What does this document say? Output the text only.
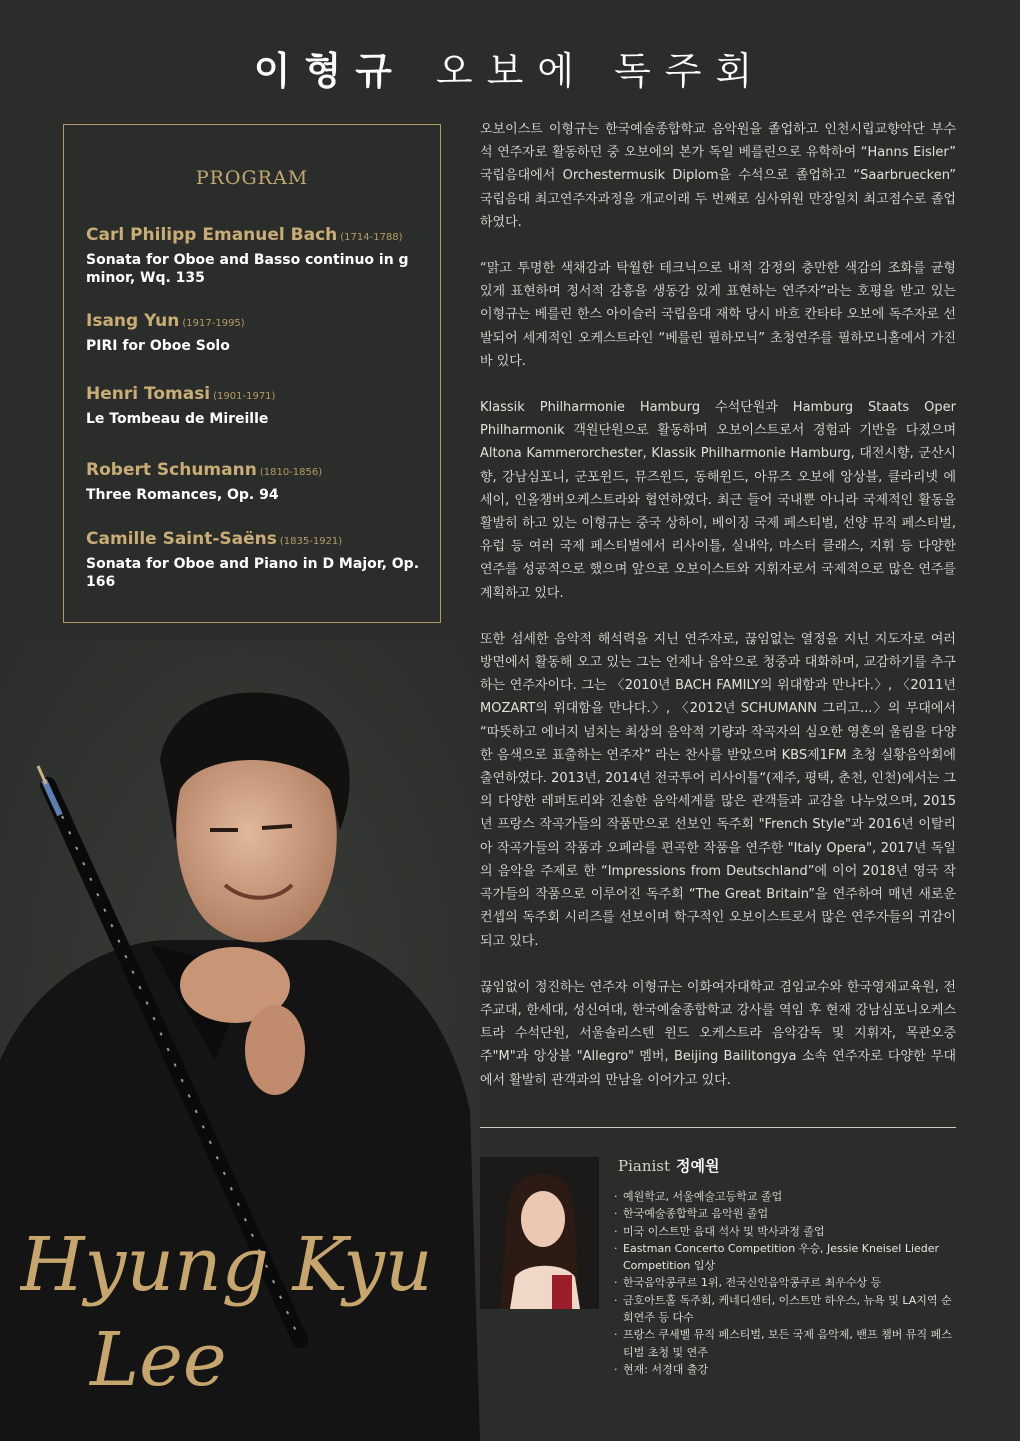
이형규 오보에 독주회
PROGRAM
Carl Philipp Emanuel Bach (1714-1788)
Sonata for Oboe and Basso continuo in g minor, Wq. 135
Isang Yun (1917-1995)
PIRI for Oboe Solo
Henri Tomasi (1901-1971)
Le Tombeau de Mireille
Robert Schumann (1810-1856)
Three Romances, Op. 94
Camille Saint-Saëns (1835-1921)
Sonata for Oboe and Piano in D Major, Op. 166

오보이스트 이형규는 한국예술종합학교 음악원을 졸업하고 인천시립교향악단 부수석 연주자로 활동하던 중 오보에의 본가 독일 베를린으로 유학하여 “Hanns Eisler” 국립음대에서 Orchestermusik Diplom을 수석으로 졸업하고 “Saarbruecken” 국립음대 최고연주자과정을 개교이래 두 번째로 심사위원 만장일치 최고점수로 졸업하였다.

“맑고 투명한 색채감과 탁월한 테크닉으로 내적 감정의 충만한 색감의 조화를 균형 있게 표현하며 정서적 감흥을 생동감 있게 표현하는 연주자”라는 호평을 받고 있는 이형규는 베를린 한스 아이슬러 국립음대 재학 당시 바흐 칸타타 오보에 독주자로 선발되어 세계적인 오케스트라인 “베를린 필하모닉” 초청연주를 필하모니홀에서 가진바 있다.

Klassik Philharmonie Hamburg 수석단원과 Hamburg Staats Oper Philharmonik 객원단원으로 활동하며 오보이스트로서 경험과 기반을 다졌으며 Altona Kammerorchester, Klassik Philharmonie Hamburg, 대전시향, 군산시향, 강남심포니, 군포윈드, 뮤즈윈드, 동해윈드, 아뮤즈 오보에 앙상블, 클라리넷 에세이, 인올챔버오케스트라와 협연하였다. 최근 들어 국내뿐 아니라 국제적인 활동을 활발히 하고 있는 이형규는 중국 상하이, 베이징 국제 페스티벌, 선양 뮤직 페스티벌, 유럽 등 여러 국제 페스티벌에서 리사이틀, 실내악, 마스터 클래스, 지휘 등 다양한 연주를 성공적으로 했으며 앞으로 오보이스트와 지휘자로서 국제적으로 많은 연주를 계획하고 있다.

또한 섬세한 음악적 해석력을 지닌 연주자로, 끊임없는 열정을 지닌 지도자로 여러 방면에서 활동해 오고 있는 그는 언제나 음악으로 청중과 대화하며, 교감하기를 추구하는 연주자이다. 그는 〈2010년 BACH FAMILY의 위대함과 만나다.〉, 〈2011년 MOZART의 위대함을 만나다.〉, 〈2012년 SCHUMANN 그리고...〉의 무대에서 “따뜻하고 에너지 넘치는 최상의 음악적 기량과 작곡자의 심오한 영혼의 울림을 다양한 음색으로 표출하는 연주자” 라는 찬사를 받았으며 KBS제1FM 초청 실황음악회에 출연하였다. 2013년, 2014년 전국투어 리사이틀“(제주, 평택, 춘천, 인천)에서는 그의 다양한 레퍼토리와 진솔한 음악세계를 많은 관객들과 교감을 나누었으며, 2015년 프랑스 작곡가들의 작품만으로 선보인 독주회 "French Style"과 2016년 이탈리아 작곡가들의 작품과 오페라를 편곡한 작품을 연주한 "Italy Opera", 2017년 독일의 음악을 주제로 한 “Impressions from Deutschland”에 이어 2018년 영국 작곡가들의 작품으로 이루어진 독주회 “The Great Britain”을 연주하여 매년 새로운 컨셉의 독주회 시리즈를 선보이며 학구적인 오보이스트로서 많은 연주자들의 귀감이 되고 있다.

끊임없이 정진하는 연주자 이형규는 이화여자대학교 겸임교수와 한국영재교육원, 전주교대, 한세대, 성신여대, 한국예술종합학교 강사를 역임 후 현재 강남심포니오케스트라 수석단원, 서울솔리스텐 윈드 오케스트라 음악감독 및 지휘자, 목관오중주"M"과 앙상블 "Allegro" 멤버, Beijing Bailitongya 소속 연주자로 다양한 무대에서 활발히 관객과의 만남을 이어가고 있다.

Hyung Kyu
Lee
Pianist 정예원
· 예원학교, 서울예술고등학교 졸업
· 한국예술종합학교 음악원 졸업
· 미국 이스트만 음대 석사 및 박사과정 졸업
· Eastman Concerto Competition 우승, Jessie Kneisel Lieder Competition 입상
· 한국음악콩쿠르 1위, 전국신인음악콩쿠르 최우수상 등
· 금호아트홀 독주회, 케네디센터, 이스트만 하우스, 뉴욕 및 LA지역 순회연주 등 다수
· 프랑스 쿠세벨 뮤직 페스티벌, 보든 국제 음악제, 밴프 챔버 뮤직 페스티벌 초청 및 연주
· 현재: 서경대 출강
